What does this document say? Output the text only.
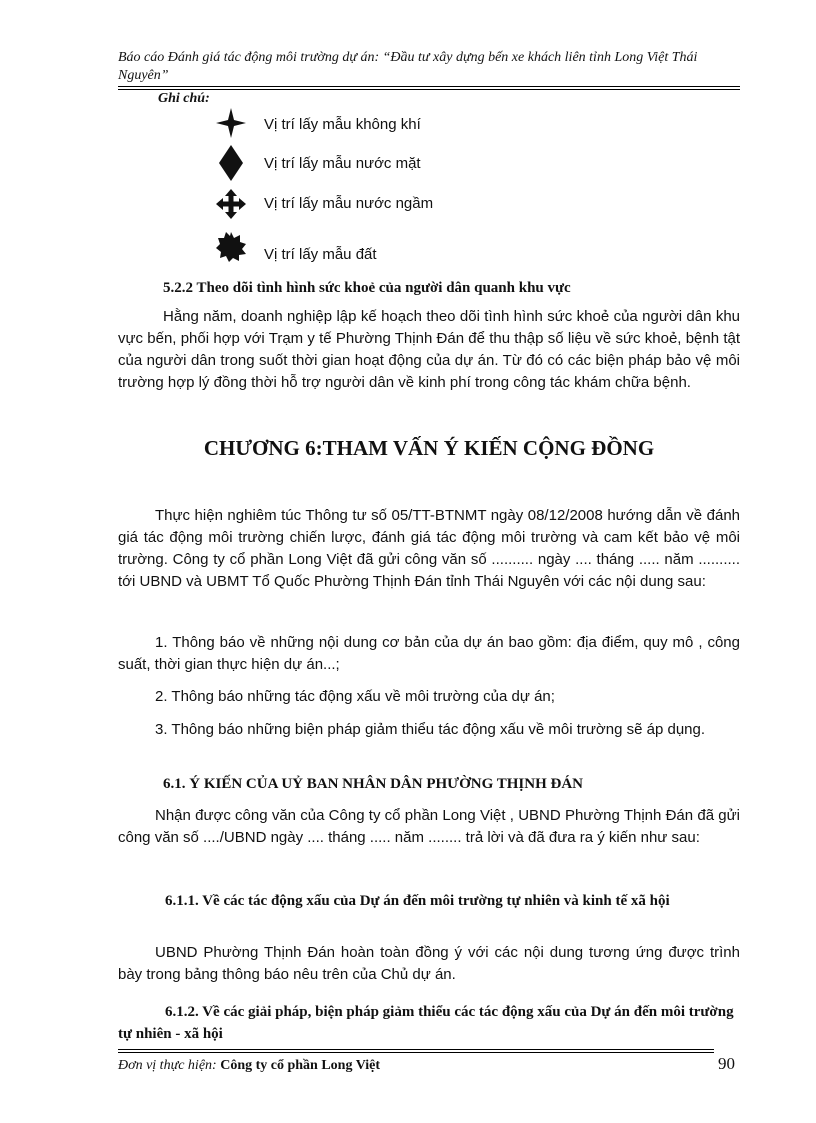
Báo cáo Đánh giá tác động môi trường dự án: “Đầu tư xây dựng bến xe khách liên tỉnh Long Việt Thái Nguyên”
Ghi chú:
Vị trí lấy mẫu không khí
Vị trí lấy mẫu nước mặt
Vị trí lấy mẫu nước ngầm
Vị trí lấy mẫu đất
5.2.2 Theo dõi tình hình sức khoẻ của người dân quanh khu vực
Hằng năm, doanh nghiệp lập kế hoạch theo dõi tình hình sức khoẻ của người dân khu vực bến, phối hợp với Trạm y tế Phường Thịnh Đán để thu thập số liệu về sức khoẻ, bệnh tật của người dân trong suốt thời gian hoạt động của dự án. Từ đó có các biện pháp bảo vệ môi trường hợp lý đồng thời hỗ trợ người dân về kinh phí trong công tác khám chữa bệnh.
CHƯƠNG 6:THAM VẤN Ý KIẾN CỘNG ĐỒNG
Thực hiện nghiêm túc Thông tư số 05/TT-BTNMT ngày 08/12/2008 hướng dẫn về đánh giá tác động môi trường chiến lược, đánh giá tác động môi trường và cam kết bảo vệ môi trường. Công ty cổ phần Long Việt đã gửi công văn số .......... ngày .... tháng ..... năm .......... tới UBND và UBMT Tổ Quốc Phường Thịnh Đán tỉnh Thái Nguyên với các nội dung sau:
1. Thông báo về những nội dung cơ bản của dự án bao gồm: địa điểm, quy mô , công suất, thời gian thực hiện dự án...;
2. Thông báo những tác động xấu về môi trường của dự án;
3. Thông báo những biện pháp giảm thiểu tác động xấu về môi trường sẽ áp dụng.
6.1. Ý KIẾN CỦA UỶ BAN NHÂN DÂN PHƯỜNG THỊNH ĐÁN
Nhận được công văn của Công ty cổ phần Long Việt , UBND Phường Thịnh Đán đã gửi công văn số ..../UBND ngày .... tháng ..... năm ........ trả lời và đã đưa ra ý kiến như sau:
6.1.1. Về các tác động xấu của Dự án đến môi trường tự nhiên và kinh tế xã hội
UBND Phường Thịnh Đán hoàn toàn đồng ý với các nội dung tương ứng được trình bày trong bảng thông báo nêu trên của Chủ dự án.
6.1.2. Về các giải pháp, biện pháp giảm thiểu các tác động xấu của Dự án đến môi trường tự nhiên - xã hội
Đơn vị thực hiện: Công ty cổ phần Long Việt	90
